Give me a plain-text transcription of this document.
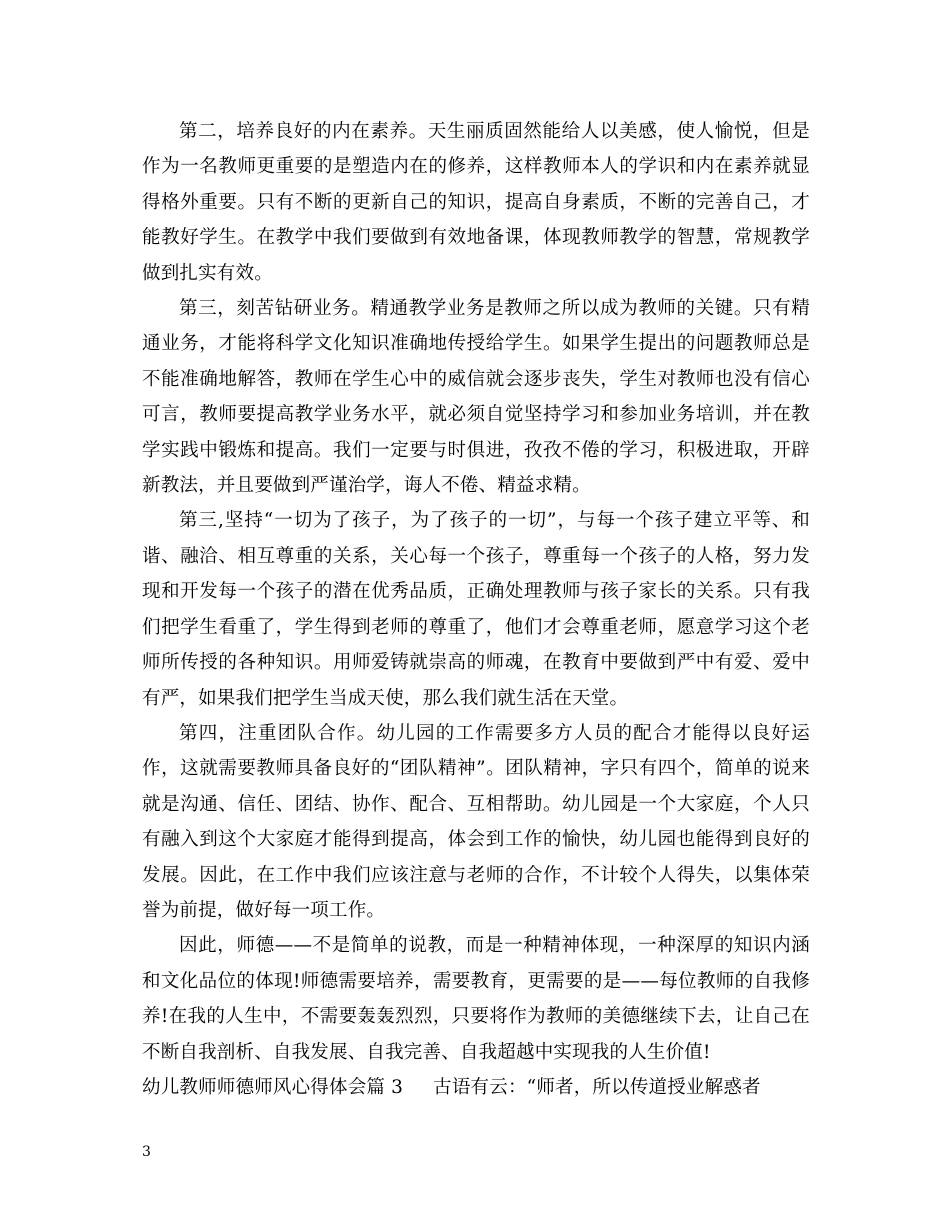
第二，培养良好的内在素养。天生丽质固然能给人以美感，使人愉悦，但是作为一名教师更重要的是塑造内在的修养，这样教师本人的学识和内在素养就显得格外重要。只有不断的更新自己的知识，提高自身素质，不断的完善自己，才能教好学生。在教学中我们要做到有效地备课，体现教师教学的智慧，常规教学做到扎实有效。

第三，刻苦钻研业务。精通教学业务是教师之所以成为教师的关键。只有精通业务，才能将科学文化知识准确地传授给学生。如果学生提出的问题教师总是不能准确地解答，教师在学生心中的威信就会逐步丧失，学生对教师也没有信心可言，教师要提高教学业务水平，就必须自觉坚持学习和参加业务培训，并在教学实践中锻炼和提高。我们一定要与时俱进，孜孜不倦的学习，积极进取，开辟新教法，并且要做到严谨治学，诲人不倦、精益求精。

第三,坚持“一切为了孩子，为了孩子的一切”，与每一个孩子建立平等、和谐、融洽、相互尊重的关系，关心每一个孩子，尊重每一个孩子的人格，努力发现和开发每一个孩子的潜在优秀品质，正确处理教师与孩子家长的关系。只有我们把学生看重了，学生得到老师的尊重了，他们才会尊重老师，愿意学习这个老师所传授的各种知识。用师爱铸就崇高的师魂，在教育中要做到严中有爱、爱中有严，如果我们把学生当成天使，那么我们就生活在天堂。

第四，注重团队合作。幼儿园的工作需要多方人员的配合才能得以良好运作，这就需要教师具备良好的“团队精神”。团队精神，字只有四个，简单的说来就是沟通、信任、团结、协作、配合、互相帮助。幼儿园是一个大家庭，个人只有融入到这个大家庭才能得到提高，体会到工作的愉快，幼儿园也能得到良好的发展。因此，在工作中我们应该注意与老师的合作，不计较个人得失，以集体荣誉为前提，做好每一项工作。

因此，师德——不是简单的说教，而是一种精神体现，一种深厚的知识内涵和文化品位的体现!师德需要培养，需要教育，更需要的是——每位教师的自我修养!在我的人生中，不需要轰轰烈烈，只要将作为教师的美德继续下去，让自己在不断自我剖析、自我发展、自我完善、自我超越中实现我的人生价值!

幼儿教师师德师风心得体会篇 3 古语有云：“师者，所以传道授业解惑者

3
